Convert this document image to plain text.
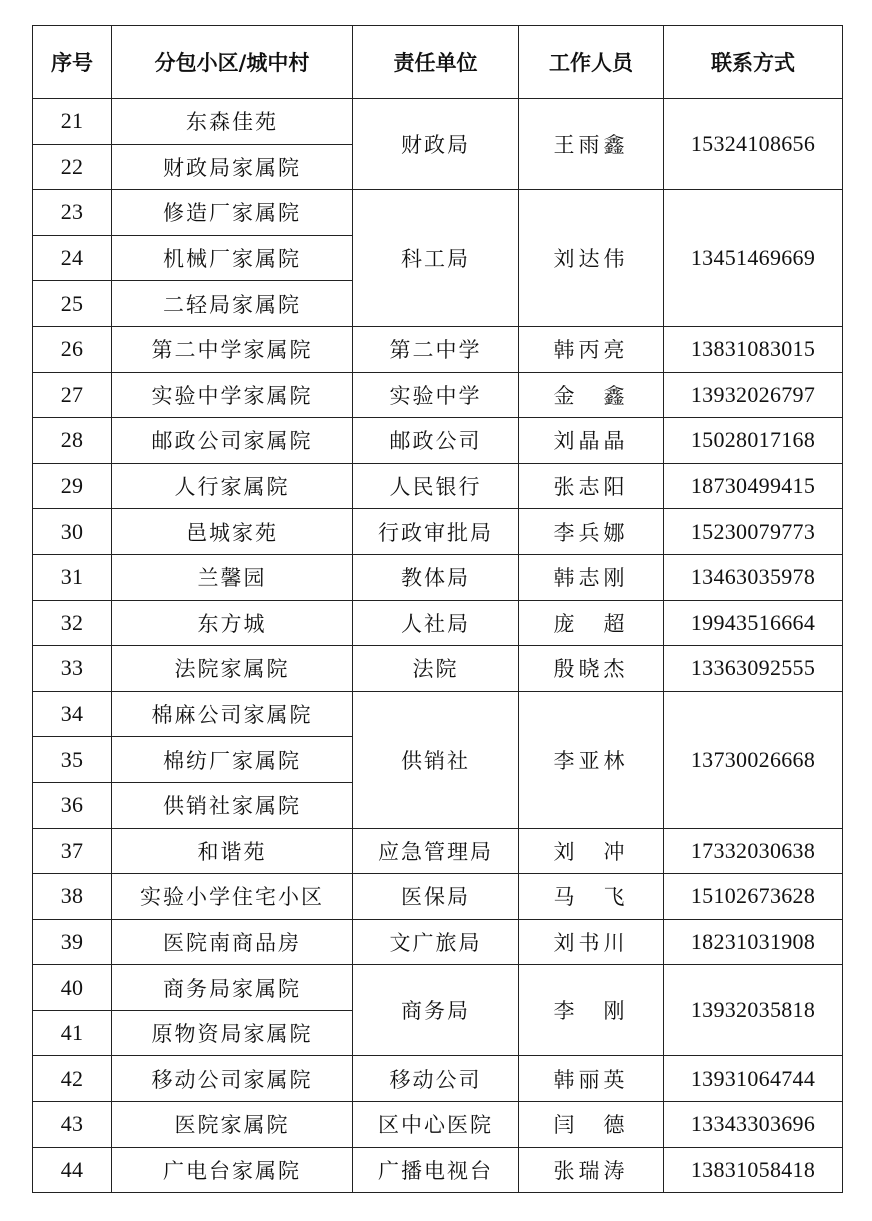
序号	分包小区/城中村	责任单位	工作人员	联系方式
21	东森佳苑	财政局	王雨鑫	15324108656
22	财政局家属院			
23	修造厂家属院	科工局	刘达伟	13451469669
24	机械厂家属院			
25	二轻局家属院			
26	第二中学家属院	第二中学	韩丙亮	13831083015
27	实验中学家属院	实验中学	金　鑫	13932026797
28	邮政公司家属院	邮政公司	刘晶晶	15028017168
29	人行家属院	人民银行	张志阳	18730499415
30	邑城家苑	行政审批局	李兵娜	15230079773
31	兰馨园	教体局	韩志刚	13463035978
32	东方城	人社局	庞　超	19943516664
33	法院家属院	法院	殷晓杰	13363092555
34	棉麻公司家属院	供销社	李亚林	13730026668
35	棉纺厂家属院			
36	供销社家属院			
37	和谐苑	应急管理局	刘　冲	17332030638
38	实验小学住宅小区	医保局	马　飞	15102673628
39	医院南商品房	文广旅局	刘书川	18231031908
40	商务局家属院	商务局	李　刚	13932035818
41	原物资局家属院			
42	移动公司家属院	移动公司	韩丽英	13931064744
43	医院家属院	区中心医院	闫　德	13343303696
44	广电台家属院	广播电视台	张瑞涛	13831058418
